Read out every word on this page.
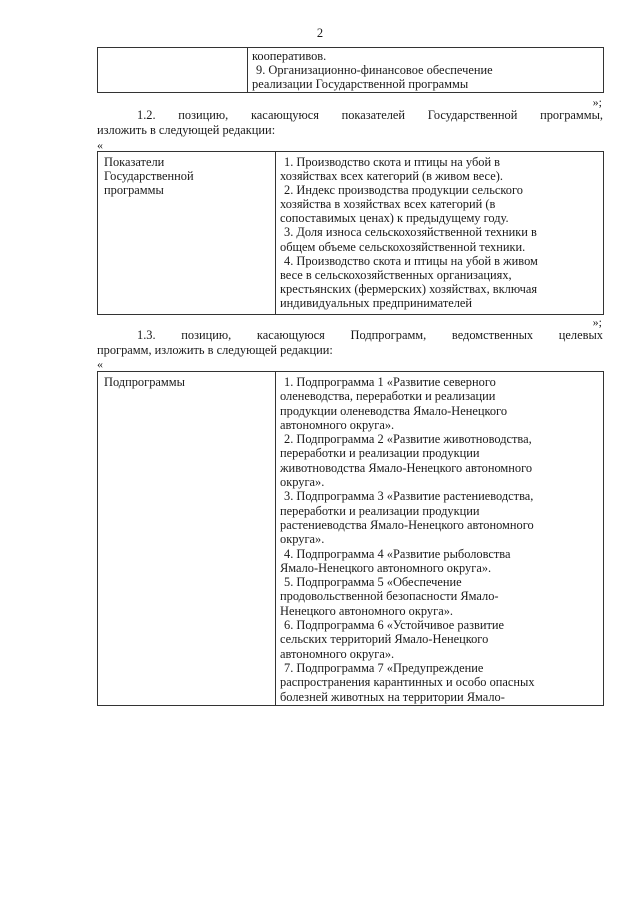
2

кооперативов.

9. Организационно-финансовое обеспечение

реализации Государственной программы

»;
1.2. позицию, касающуюся показателей Государственной программы,
изложить в следующей редакции:
«
Показатели
Государственной
программы

1. Производство скота и птицы на убой в

хозяйствах всех категорий (в живом весе).

2. Индекс производства продукции сельского

хозяйства в хозяйствах всех категорий (в

сопоставимых ценах) к предыдущему году.

3. Доля износа сельскохозяйственной техники в

общем объеме сельскохозяйственной техники.

4. Производство скота и птицы на убой в живом

весе в сельскохозяйственных организациях,

крестьянских (фермерских) хозяйствах, включая

индивидуальных предпринимателей

»;
1.3. позицию, касающуюся Подпрограмм, ведомственных целевых
программ, изложить в следующей редакции:
«
Подпрограммы	1. Подпрограмма 1 «Развитие северного

оленеводства, переработки и реализации

продукции оленеводства Ямало-Ненецкого

автономного округа».

2. Подпрограмма 2 «Развитие животноводства,

переработки и реализации продукции

животноводства Ямало-Ненецкого автономного

округа».

3. Подпрограмма 3 «Развитие растениеводства,

переработки и реализации продукции

растениеводства Ямало-Ненецкого автономного

округа».

4. Подпрограмма 4 «Развитие рыболовства

Ямало-Ненецкого автономного округа».

5. Подпрограмма 5 «Обеспечение

продовольственной безопасности Ямало-

Ненецкого автономного округа».

6. Подпрограмма 6 «Устойчивое развитие

сельских территорий Ямало-Ненецкого

автономного округа».

7. Подпрограмма 7 «Предупреждение

распространения карантинных и особо опасных

болезней животных на территории Ямало-
